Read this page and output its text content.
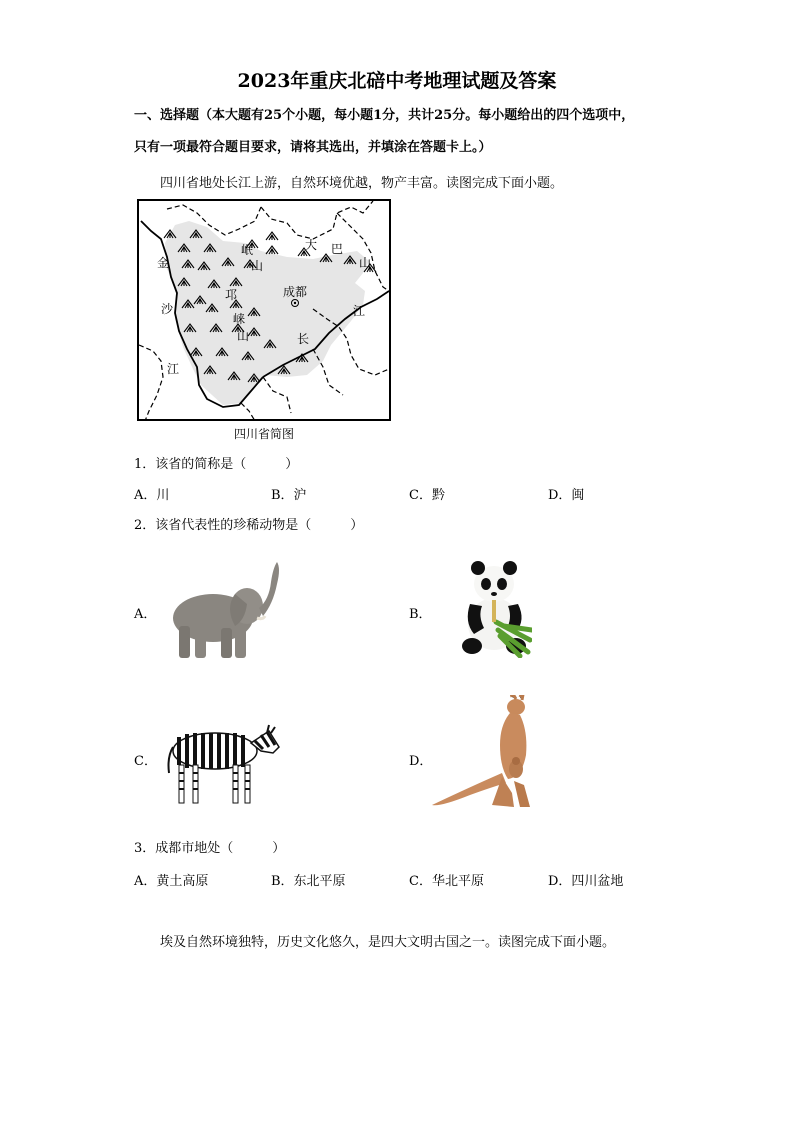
2023年重庆北碚中考地理试题及答案
一、选择题（本大题有25个小题，每小题1分，共计25分。每小题给出的四个选项中，
只有一项最符合题目要求，请将其选出，并填涂在答题卡上。）
四川省地处长江上游，自然环境优越，物产丰富。读图完成下面小题。
金
沙
江
岷
山
邛
崃
山
大 巴
山
成都
长
江
四川省简图
1．该省的简称是（　　　）
A．川	B．沪	C．黔	D．闽
2．该省代表性的珍稀动物是（　　　）
A．	B．
C．	D．
3．成都市地处（　　　）
A．黄土高原	B．东北平原	C．华北平原	D．四川盆地
埃及自然环境独特，历史文化悠久，是四大文明古国之一。读图完成下面小题。
